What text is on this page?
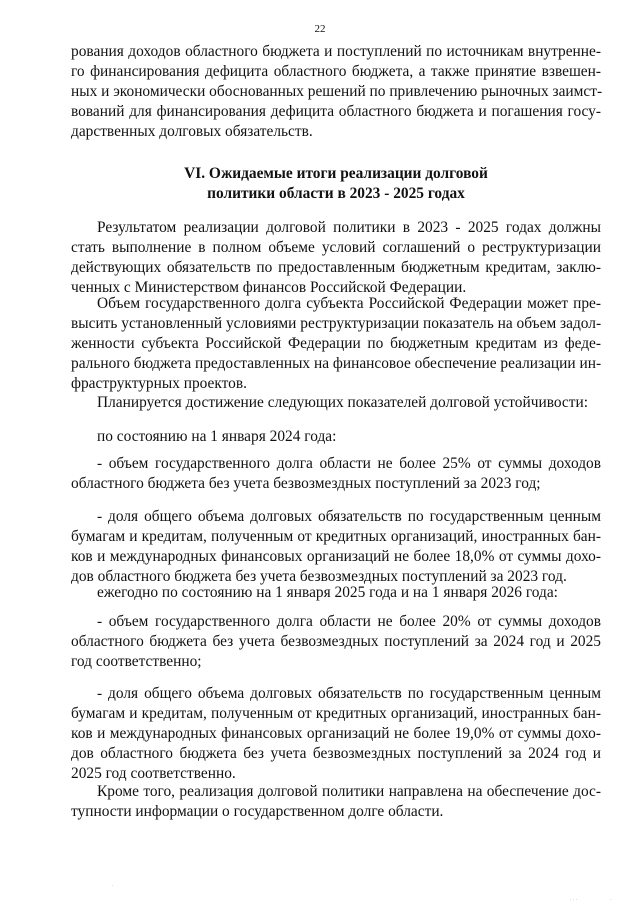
22
рования доходов областного бюджета и поступлений по источникам внутренне-
го финансирования дефицита областного бюджета, а также принятие взвешен-
ных и экономически обоснованных решений по привлечению рыночных заимст-
вований для финансирования дефицита областного бюджета и погашения госу-
дарственных долговых обязательств.
VI. Ожидаемые итоги реализации долговой
политики области в 2023 - 2025 годах
Результатом реализации долговой политики в 2023 - 2025 годах должны
стать выполнение в полном объеме условий соглашений о реструктуризации
действующих обязательств по предоставленным бюджетным кредитам, заклю-
ченных с Министерством финансов Российской Федерации.
Объем государственного долга субъекта Российской Федерации может пре-
высить установленный условиями реструктуризации показатель на объем задол-
женности субъекта Российской Федерации по бюджетным кредитам из феде-
рального бюджета предоставленных на финансовое обеспечение реализации ин-
фраструктурных проектов.
Планируется достижение следующих показателей долговой устойчивости:
по состоянию на 1 января 2024 года:
- объем государственного долга области не более 25% от суммы доходов
областного бюджета без учета безвозмездных поступлений за 2023 год;
- доля общего объема долговых обязательств по государственным ценным
бумагам и кредитам, полученным от кредитных организаций, иностранных бан-
ков и международных финансовых организаций не более 18,0% от суммы дохо-
дов областного бюджета без учета безвозмездных поступлений за 2023 год.
ежегодно по состоянию на 1 января 2025 года и на 1 января 2026 года:
- объем государственного долга области не более 20% от суммы доходов
областного бюджета без учета безвозмездных поступлений за 2024 год и 2025
год соответственно;
- доля общего объема долговых обязательств по государственным ценным
бумагам и кредитам, полученным от кредитных организаций, иностранных бан-
ков и международных финансовых организаций не более 19,0% от суммы дохо-
дов областного бюджета без учета безвозмездных поступлений за 2024 год и
2025 год соответственно.
Кроме того, реализация долговой политики направлена на обеспечение дос-
тупности информации о государственном долге области.
·
· · ·	·
